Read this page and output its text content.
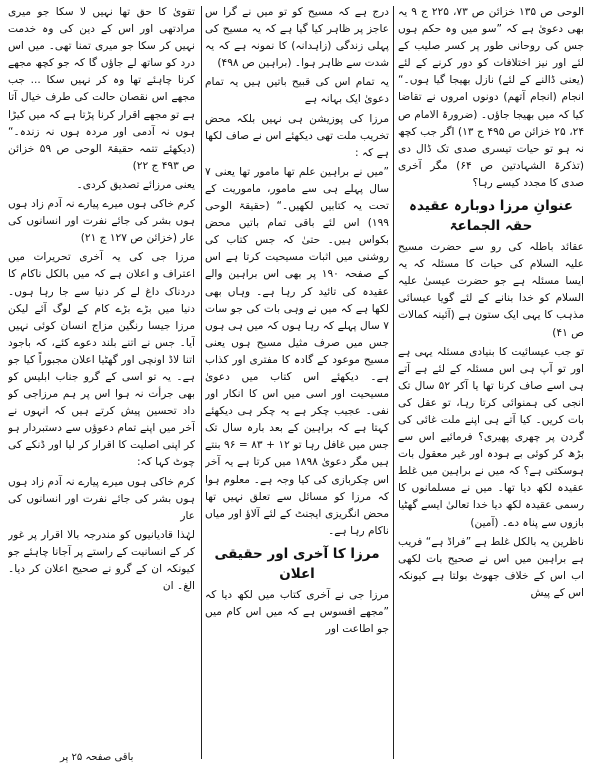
الوحی ص ۱۳۵ خزائن ص ۷۳، ۲۲۵ ج ۹ یہ بھی دعویٰ ہے کہ ”سو میں وہ حکم ہوں جس کی روحانی طور پر کسر صلیب کے لئے اور نیز اختلافات کو دور کرنے کے لئے (یعنی ڈالنے کے لئے) نازل بھیجا گیا ہوں۔“ انجام (انجام آتھم) دونوں امروں نے تقاضا کیا کہ میں بھیجا جاؤں۔ (ضرورۃ الامام ص ۲۴، ۲۵ خزائن ص ۴۹۵ ج ۱۳) اگر جب کچھ نہ ہو تو حیات تیسری صدی تک ڈال دی (تذکرۃ الشہادتین ص ۶۴) مگر آخری صدی کا مجدد کیسے رہا؟

عنوانِ مرزا دوبارہ عقیدہ حقہ الجماعۃ

عقائد باطلہ کی رو سے حضرت مسیح علیہ السلام کی حیات کا مسئلہ کہ یہ ایسا مسئلہ ہے جو حضرت عیسیٰ علیہ السلام کو خدا بنانے کے لئے گویا عیسائی مذہب کا یہی ایک ستون ہے (آئینہ کمالات ص ۴۱)

تو جب عیسائیت کا بنیادی مسئلہ یہی ہے اور تو آپ ہی اس مسئلہ کے لئے ہے آتے ہی اسے صاف کرنا تھا یا آکر ۵۲ سال تک انجی کی ہمنوائی کرتا رہا، تو عقل کی بات کریں۔ کیا آتے ہی اپنے ملت غائی کی گردن پر چھری پھیری؟ فرمائیے اس سے بڑھ کر کوئی بے ہودہ اور غیر معقول بات ہوسکتی ہے؟ کہ میں نے براہین میں غلط عقیدہ لکھ دیا تھا۔ میں نے مسلمانوں کا رسمی عقیدہ لکھ دیا خدا تعالیٰ ایسے گھٹیا بازوں سے پناہ دے۔ (آمین)

ناظرین یہ بالکل غلط ہے ”فراڈ ہے“ فریب ہے براہین میں اس نے صحیح بات لکھی اب اس کے خلاف جھوٹ بولتا ہے کیونکہ اس کے پیش

درج ہے کہ مسیح کو تو میں نے گرا س عاجز پر ظاہر کیا گیا ہے کہ یہ مسیح کی پہلی زندگی (زاہدانہ) کا نمونہ ہے کہ یہ شدت سے ظاہر ہوا۔ (براہین ص ۴۹۸)

یہ تمام اس کی قبیح باتیں ہیں یہ تمام دعویٰ ایک بہانہ ہے

مرزا کی پوزیشن ہی نہیں بلکہ محض تخریب ملت تھی دیکھئے اس نے صاف لکھا ہے کہ :

”میں نے براہین علم تھا مامور تھا یعنی ۷ سال پہلے ہی سے مامور، ماموریت کے تحت یہ کتابیں لکھیں۔“ (حقیقۃ الوحی ۱۹۹) اس لئے باقی تمام باتیں محض بکواس ہیں۔ حتیٰ کہ جس کتاب کی روشنی میں اثبات مسیحیت کرتا ہے اس کے صفحہ ۱۹۰ پر بھی اس براہین والے عقیدہ کی تائید کر رہا ہے۔ وہاں بھی لکھا ہے کہ میں نے وہی بات کی جو سات ۷ سال پہلے کہ رہا ہوں کہ میں ہی ہوں جس میں صرف مثیل مسیح ہوں یعنی مسیح موعود کے گادہ کا مفتری اور کذاب ہے۔ دیکھئے اس کتاب میں دعویٰ مسیحیت اور اسی میں اس کا انکار اور نفی۔ عجیب چکر ہے یہ چکر ہی دیکھئے کہتا ہے کہ براہین کے بعد بارہ سال تک جس میں غافل رہا تو ۱۲ + ۸۳ = ۹۶ بنتے ہیں مگر دعویٰ ۱۸۹۸ میں کرتا ہے یہ آخر اس چکربازی کی کیا وجہ ہے۔ معلوم ہوا کہ مرزا کو مسائل سے تعلق نہیں تھا محض انگریزی ایجنٹ کے لئے آلاؤ اور میاں ناکام رہا ہے۔

مرزا کا آخری اور حقیقی اعلان

مرزا جی نے آخری کتاب میں لکھ دیا کہ ”مجھے افسوس ہے کہ میں اس کام میں جو اطاعت اور

تقویٰ کا حق تھا نہیں لا سکا جو میری مرادتھی اور اس کے دین کی وہ خدمت نہیں کر سکا جو میری تمنا تھی۔ میں اس درد کو ساتھ لے جاؤں گا کہ جو کچھ مجھے کرنا چاہئے تھا وہ کر نہیں سکا ... جب مجھے اس نقصان حالت کی طرف خیال آتا ہے تو مجھے اقرار کرنا پڑتا ہے کہ میں کیڑا ہوں نہ آدمی اور مردہ ہوں نہ زندہ۔“ (دیکھئے تتمہ حقیقۃ الوحی ص ۵۹ خزائن ص ۴۹۳ ج ۲۲)

یعنی مرزائے تصدیق کردی۔

کرم خاکی ہوں میرے پیارے نہ آدم زاد ہوں ہوں بشر کی جائے نفرت اور انسانوں کی عار (خزائن ص ۱۲۷ ج ۲۱)

مرزا جی کی یہ آخری تحریرات میں اعتراف و اعلان ہے کہ میں بالکل ناکام کا دردناک داغ لے کر دنیا سے جا رہا ہوں۔ دنیا میں بڑے بڑے کام کے لوگ آئے لیکن مرزا جیسا رنگین مزاج انسان کوئی نہیں آیا۔ جس نے اتنے بلند دعوے کئے، کہ باجود اتنا لاڈ اونچی اور گھٹیا اعلان مجبوراً کیا جو ہے۔ یہ تو اسی کے گرو جناب ابلیس کو بھی جرأت نہ ہوا اس پر ہم مرزاجی کو داد تحسین پیش کرتے ہیں کہ انہوں نے آخر میں اپنے تمام دعوؤں سے دستبردار ہو کر اپنی اصلیت کا اقرار کر لیا اور ڈنکے کی چوٹ کہا کہ:

کرم خاکی ہوں میرے پیارے نہ آدم زاد ہوں ہوں بشر کی جائے نفرت اور انسانوں کی عار

لہٰذا قادیانیوں کو مندرجہ بالا اقرار پر غور کر کے انسانیت کے راستے پر آجانا چاہئے جو کیونکہ ان کے گرو نے صحیح اعلان کر دیا۔ الغ۔ ان

باقی صفحہ ۲۵ پر
